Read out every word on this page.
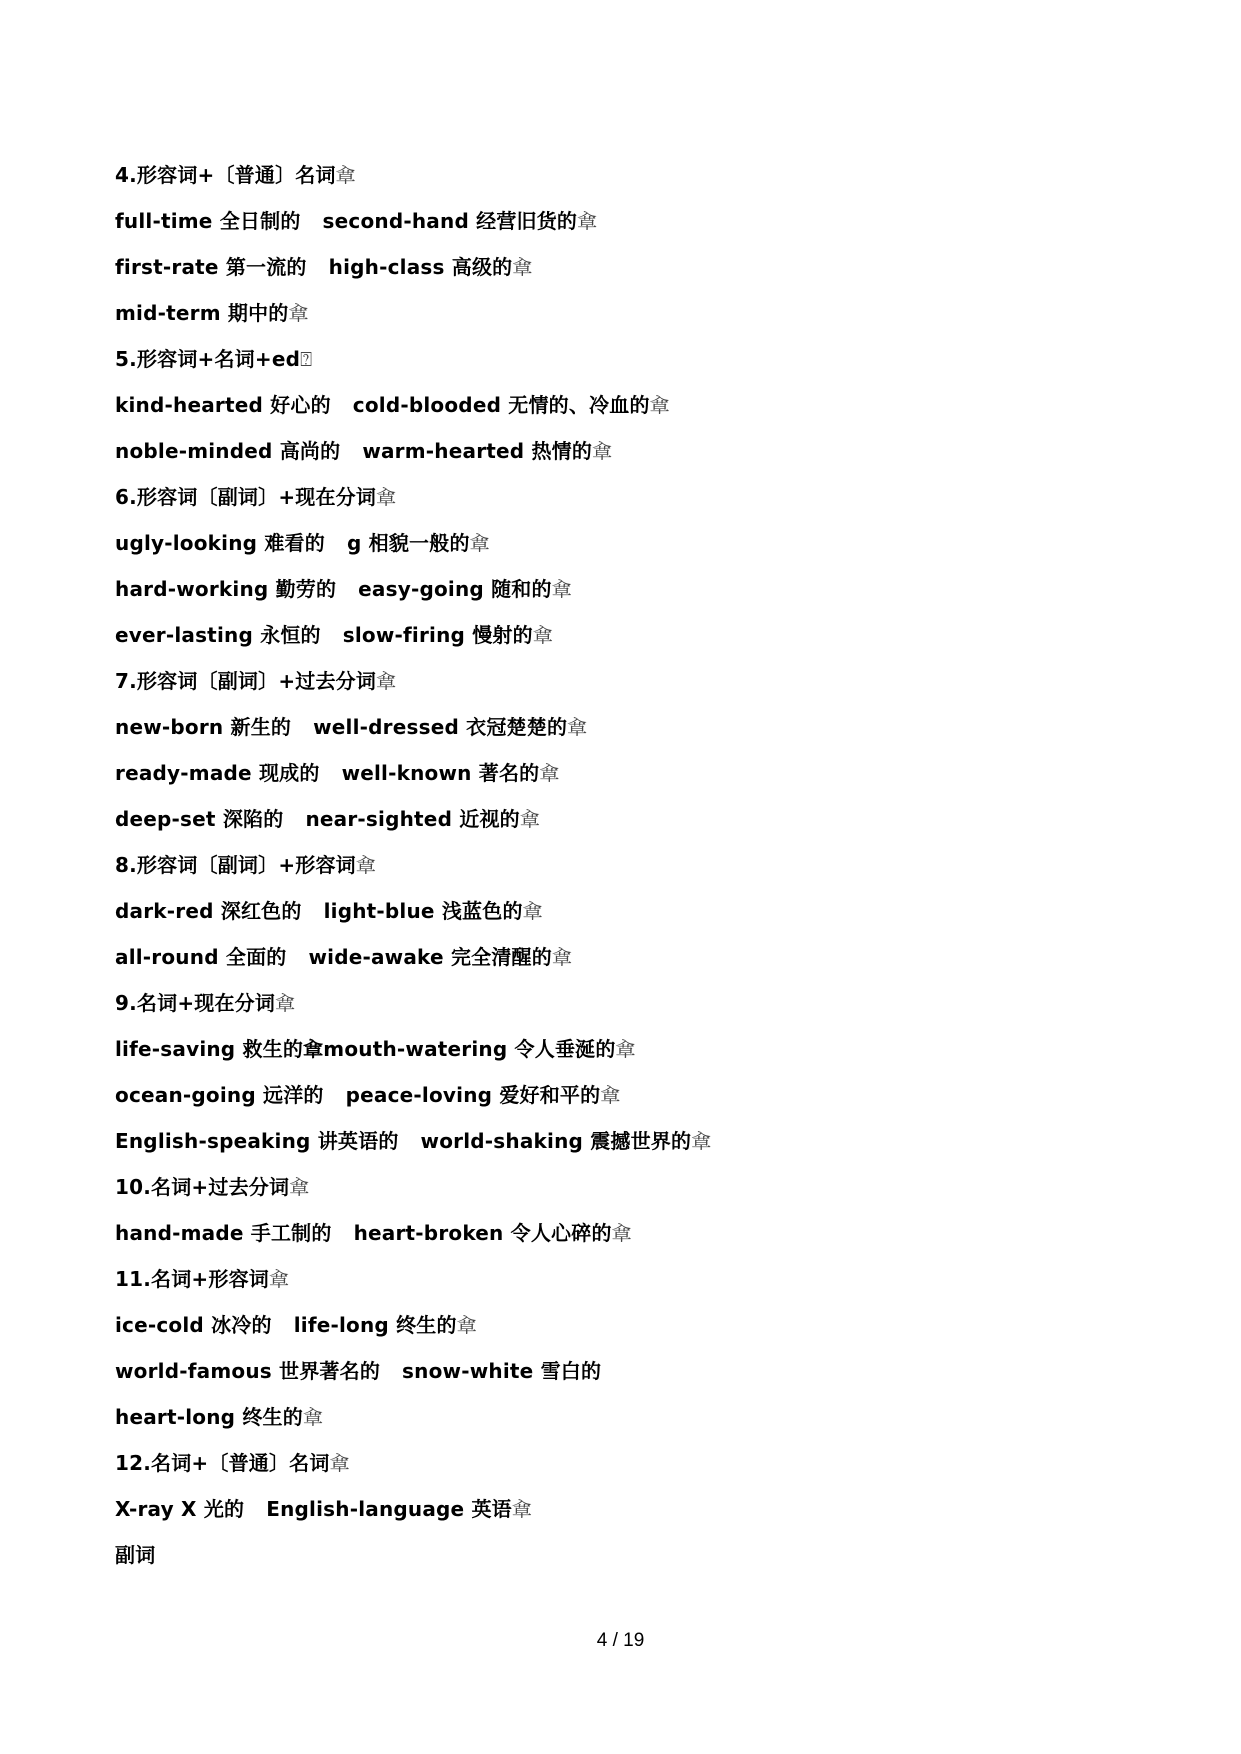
4.形容词+〔普通〕名词䓥
full-time 全日制的 second-hand 经营旧货的䓥
first-rate 第一流的 high-class 高级的䓥
mid-term 期中的䓥
5.形容词+名词+ed⍰
kind-hearted 好心的 cold-blooded 无情的、冷血的䓥
noble-minded 高尚的 warm-hearted 热情的䓥
6.形容词〔副词〕+现在分词䓥
ugly-looking 难看的 g 相貌一般的䓥
hard-working 勤劳的 easy-going 随和的䓥
ever-lasting 永恒的 slow-firing 慢射的䓥
7.形容词〔副词〕+过去分词䓥
new-born 新生的 well-dressed 衣冠楚楚的䓥
ready-made 现成的 well-known 著名的䓥
deep-set 深陷的 near-sighted 近视的䓥
8.形容词〔副词〕+形容词䓥
dark-red 深红色的 light-blue 浅蓝色的䓥
all-round 全面的 wide-awake 完全清醒的䓥
9.名词+现在分词䓥
life-saving 救生的䓥mouth-watering 令人垂涎的䓥
ocean-going 远洋的 peace-loving 爱好和平的䓥
English-speaking 讲英语的 world-shaking 震撼世界的䓥
10.名词+过去分词䓥
hand-made 手工制的 heart-broken 令人心碎的䓥
11.名词+形容词䓥
ice-cold 冰冷的 life-long 终生的䓥
world-famous 世界著名的 snow-white 雪白的
heart-long 终生的䓥
12.名词+〔普通〕名词䓥
X-ray X 光的 English-language 英语䓥
副词
4 / 19
